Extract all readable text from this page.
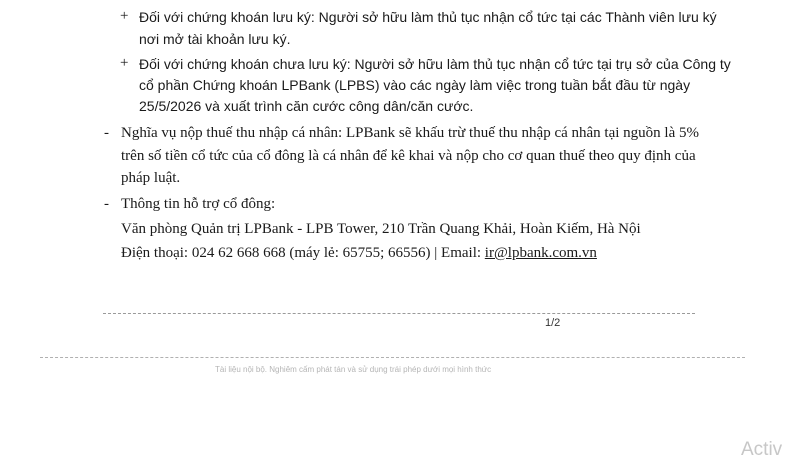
+ Đối với chứng khoán lưu ký: Người sở hữu làm thủ tục nhận cổ tức tại các Thành viên lưu ký
nơi mở tài khoản lưu ký.
+ Đối với chứng khoán chưa lưu ký: Người sở hữu làm thủ tục nhận cổ tức tại trụ sở của Công ty
cổ phần Chứng khoán LPBank (LPBS) vào các ngày làm việc trong tuần bắt đầu từ ngày
25/5/2026 và xuất trình căn cước công dân/căn cước.
- Nghĩa vụ nộp thuế thu nhập cá nhân: LPBank sẽ khấu trừ thuế thu nhập cá nhân tại nguồn là 5%
trên số tiền cổ tức của cổ đông là cá nhân để kê khai và nộp cho cơ quan thuế theo quy định của
pháp luật.
- Thông tin hỗ trợ cổ đông:
Văn phòng Quản trị LPBank - LPB Tower, 210 Trần Quang Khải, Hoàn Kiếm, Hà Nội
Điện thoại: 024 62 668 668 (máy lẻ: 65755; 66556) | Email: ir@lpbank.com.vn
1/2
Tài liệu nội bộ. Nghiêm cấm phát tán và sử dụng trái phép dưới mọi hình thức
Activ
